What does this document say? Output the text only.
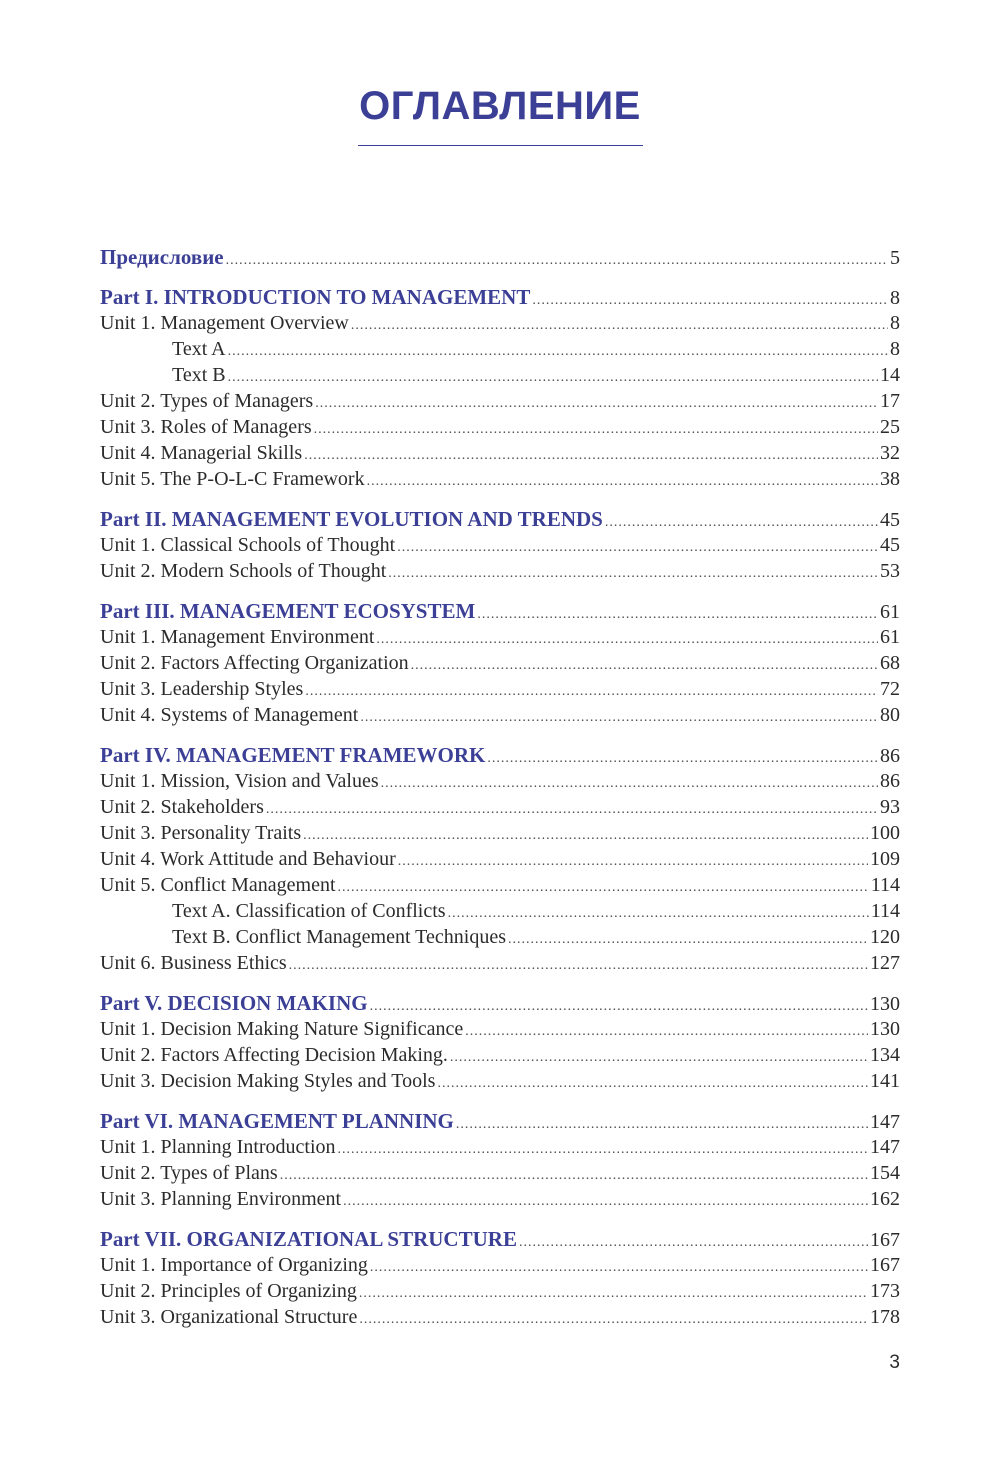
ОГЛАВЛЕНИЕ
Предисловие .....	5
Part I. INTRODUCTION TO MANAGEMENT .....	8
Unit 1. Management Overview .....	8
Text A .....	8
Text B .....	14
Unit 2. Types of Managers .....	17
Unit 3. Roles of Managers .....	25
Unit 4. Managerial Skills .....	32
Unit 5. The P-O-L-C Framework .....	38
Part II. MANAGEMENT EVOLUTION AND TRENDS .....	45
Unit 1. Classical Schools of Thought .....	45
Unit 2. Modern Schools of Thought .....	53
Part III. MANAGEMENT ECOSYSTEM .....	61
Unit 1. Management Environment .....	61
Unit 2. Factors Affecting Organization .....	68
Unit 3. Leadership Styles .....	72
Unit 4. Systems of Management .....	80
Part IV. MANAGEMENT FRAMEWORK .....	86
Unit 1. Mission, Vision and Values .....	86
Unit 2. Stakeholders .....	93
Unit 3. Personality Traits .....	100
Unit 4. Work Attitude and Behaviour .....	109
Unit 5. Conflict Management .....	114
Text A. Classification of Conflicts .....	114
Text B. Conflict Management Techniques .....	120
Unit 6. Business Ethics .....	127
Part V. DECISION MAKING .....	130
Unit 1. Decision Making Nature Significance .....	130
Unit 2. Factors Affecting Decision Making. .....	134
Unit 3. Decision Making Styles and Tools .....	141
Part VI. MANAGEMENT PLANNING .....	147
Unit 1. Planning Introduction .....	147
Unit 2. Types of Plans .....	154
Unit 3. Planning Environment .....	162
Part VII. ORGANIZATIONAL STRUCTURE .....	167
Unit 1. Importance of Organizing .....	167
Unit 2. Principles of Organizing .....	173
Unit 3. Organizational Structure .....	178
3
